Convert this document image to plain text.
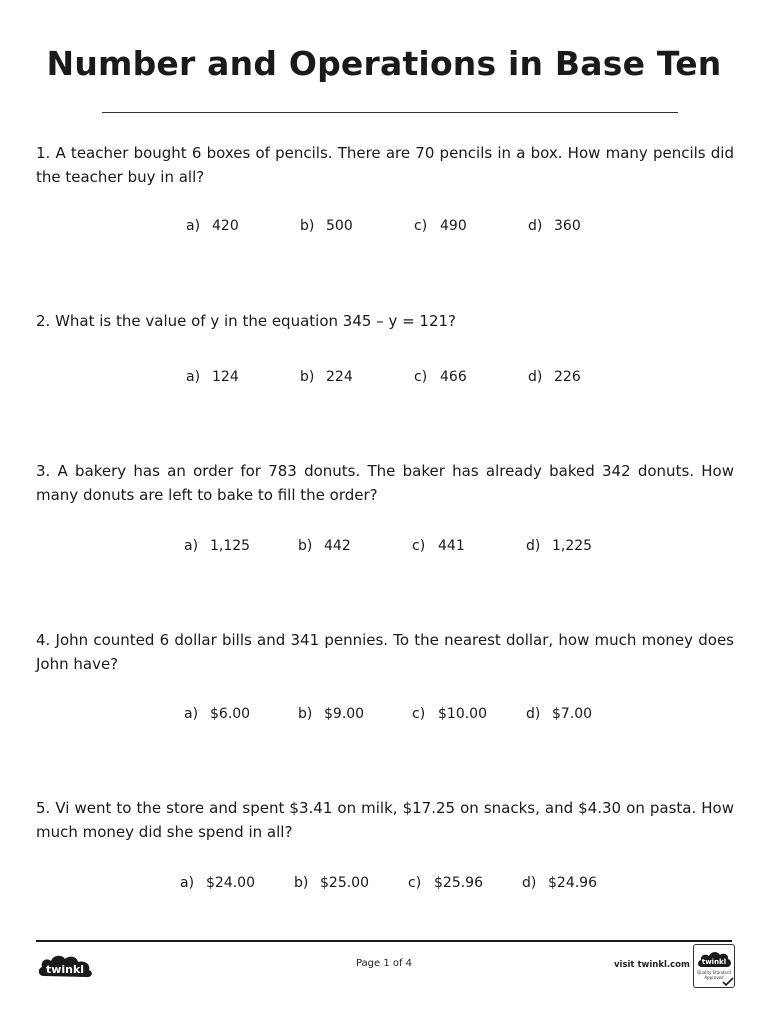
Number and Operations in Base Ten
1. A teacher bought 6 boxes of pencils. There are 70 pencils in a box. How many pencils did the teacher buy in all?
a) 420	b) 500	c) 490	d) 360
2. What is the value of y in the equation 345 – y = 121?
a) 124	b) 224	c) 466	d) 226
3. A bakery has an order for 783 donuts. The baker has already baked 342 donuts. How many donuts are left to bake to fill the order?
a) 1,125	b) 442	c) 441	d) 1,225
4. John counted 6 dollar bills and 341 pennies. To the nearest dollar, how much money does John have?
a) $6.00	b) $9.00	c) $10.00	d) $7.00
5. Vi went to the store and spent $3.41 on milk, $17.25 on snacks, and $4.30 on pasta. How much money did she spend in all?
a) $24.00	b) $25.00	c) $25.96	d) $24.96
twinkl	Page 1 of 4	visit twinkl.com twinkl
Quality Standard
Approved
